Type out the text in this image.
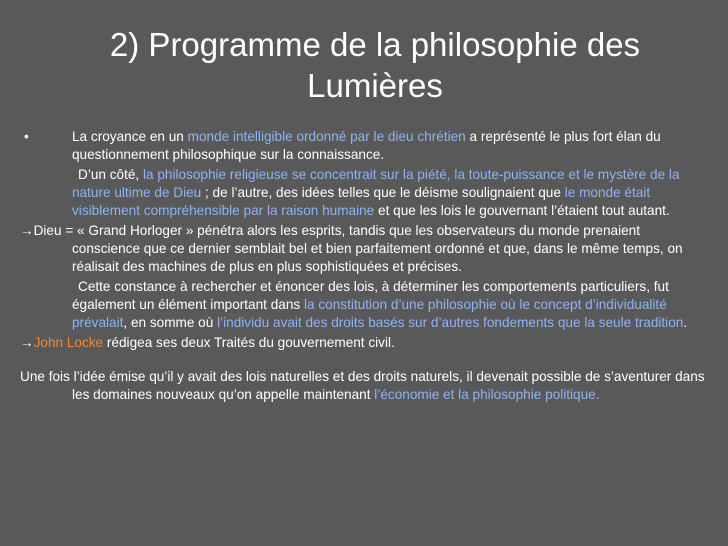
2) Programme de la philosophie des Lumières
•	La croyance en un monde intelligible ordonné par le dieu chrétien a représenté le plus fort élan du questionnement philosophique sur la connaissance.
D’un côté, la philosophie religieuse se concentrait sur la piété, la toute-puissance et le mystère de la nature ultime de Dieu ; de l’autre, des idées telles que le déisme soulignaient que le monde était visiblement compréhensible par la raison humaine et que les lois le gouvernant l’étaient tout autant.
→Dieu = « Grand Horloger » pénétra alors les esprits, tandis que les observateurs du monde prenaient conscience que ce dernier semblait bel et bien parfaitement ordonné et que, dans le même temps, on réalisait des machines de plus en plus sophistiquées et précises.
Cette constance à rechercher et énoncer des lois, à déterminer les comportements particuliers, fut également un élément important dans la constitution d’une philosophie où le concept d’individualité prévalait, en somme où l’individu avait des droits basés sur d’autres fondements que la seule tradition.
→John Locke rédigea ses deux Traités du gouvernement civil.
Une fois l’idée émise qu’il y avait des lois naturelles et des droits naturels, il devenait possible de s’aventurer dans les domaines nouveaux qu’on appelle maintenant l’économie et la philosophie politique.
